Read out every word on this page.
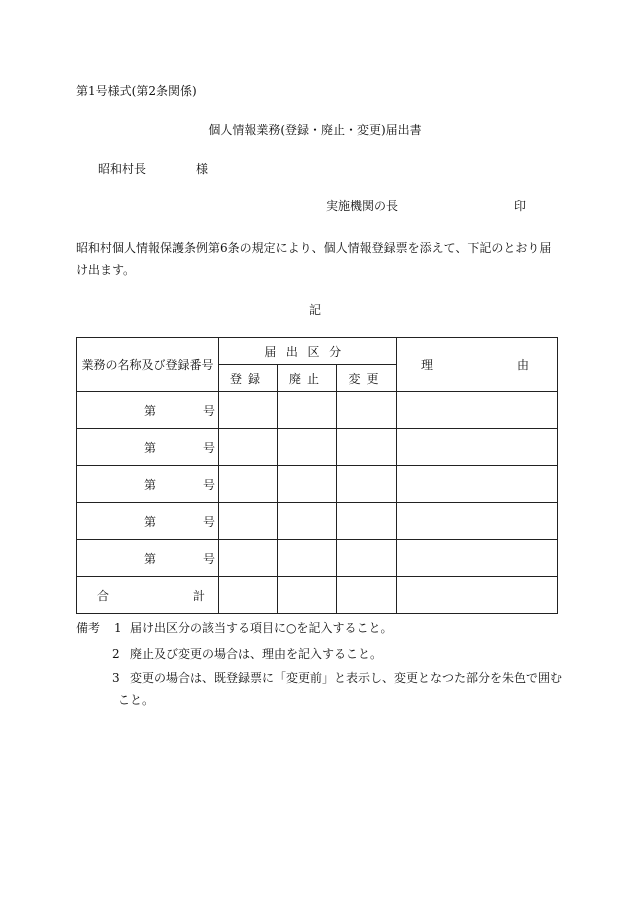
第1号様式(第2条関係)
個人情報業務(登録・廃止・変更)届出書
昭和村長	様
実施機関の長	印
昭和村個人情報保護条例第6条の規定により、個人情報登録票を添えて、下記のとおり届
け出ます。
記
業務の名称及び登録番号	届出区分			理 由

	登録	廃止	変更	

第 号				

第 号				

第 号				

第 号				

第 号				

合 計				

備考 1 届け出区分の該当する項目に○を記入すること。
2 廃止及び変更の場合は、理由を記入すること。
3 変更の場合は、既登録票に「変更前」と表示し、変更となつた部分を朱色で囲む
こと。
